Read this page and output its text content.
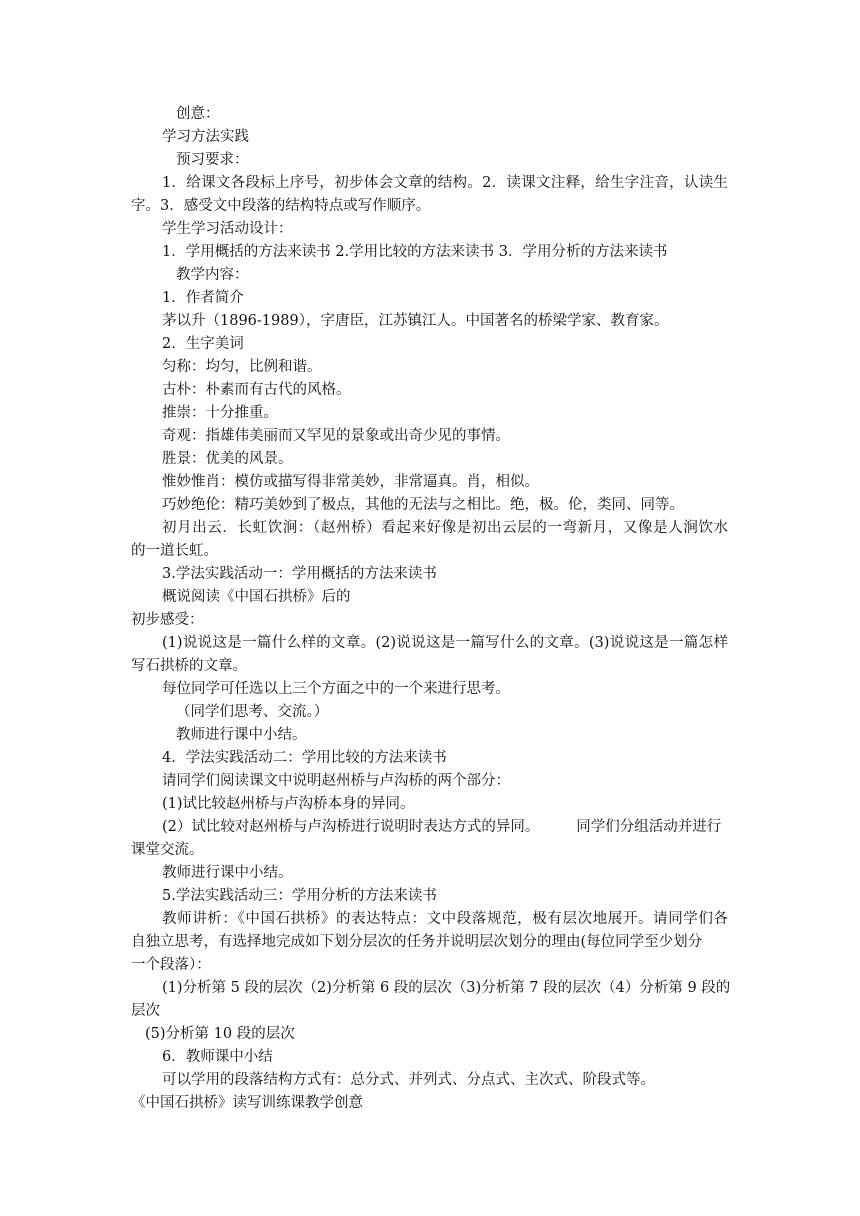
创意：
学习方法实践
预习要求：
1．给课文各段标上序号，初步体会文章的结构。2．读课文注释，给生字注音，认读生
字。3．感受文中段落的结构特点或写作顺序。
学生学习活动设计：
1．学用概括的方法来读书 2.学用比较的方法来读书 3．学用分析的方法来读书
教学内容：
1．作者简介
茅以升（1896-1989），字唐臣，江苏镇江人。中国著名的桥梁学家、教育家。
2．生字美词
匀称：均匀，比例和谐。
古朴：朴素而有古代的风格。
推崇：十分推重。
奇观：指雄伟美丽而又罕见的景象或出奇少见的事情。
胜景：优美的风景。
惟妙惟肖：模仿或描写得非常美妙，非常逼真。肖，相似。
巧妙绝伦：精巧美妙到了极点，其他的无法与之相比。绝，极。伦，类同、同等。
初月出云．长虹饮涧：（赵州桥）看起来好像是初出云层的一弯新月，又像是人涧饮水
的一道长虹。
3.学法实践活动一：学用概括的方法来读书
概说阅读《中国石拱桥》后的
初步感受：
(1)说说这是一篇什么样的文章。(2)说说这是一篇写什么的文章。(3)说说这是一篇怎样
写石拱桥的文章。
每位同学可任选以上三个方面之中的一个来进行思考。
（同学们思考、交流。）
教师进行课中小结。
4．学法实践活动二：学用比较的方法来读书
请同学们阅读课文中说明赵州桥与卢沟桥的两个部分：
(1)试比较赵州桥与卢沟桥本身的异同。
(2）试比较对赵州桥与卢沟桥进行说明时表达方式的异同。        同学们分组活动并进行
课堂交流。
教师进行课中小结。
5.学法实践活动三：学用分析的方法来读书
教师讲析：《中国石拱桥》的表达特点：文中段落规范，极有层次地展开。请同学们各
自独立思考，有选择地完成如下划分层次的任务并说明层次划分的理由(每位同学至少划分
一个段落）：
(1)分析第 5 段的层次（2)分析第 6 段的层次（3)分析第 7 段的层次（4）分析第 9 段的
层次
(5)分析第 10 段的层次
6．教师课中小结
可以学用的段落结构方式有：总分式、并列式、分点式、主次式、阶段式等。
《中国石拱桥》读写训练课教学创意
